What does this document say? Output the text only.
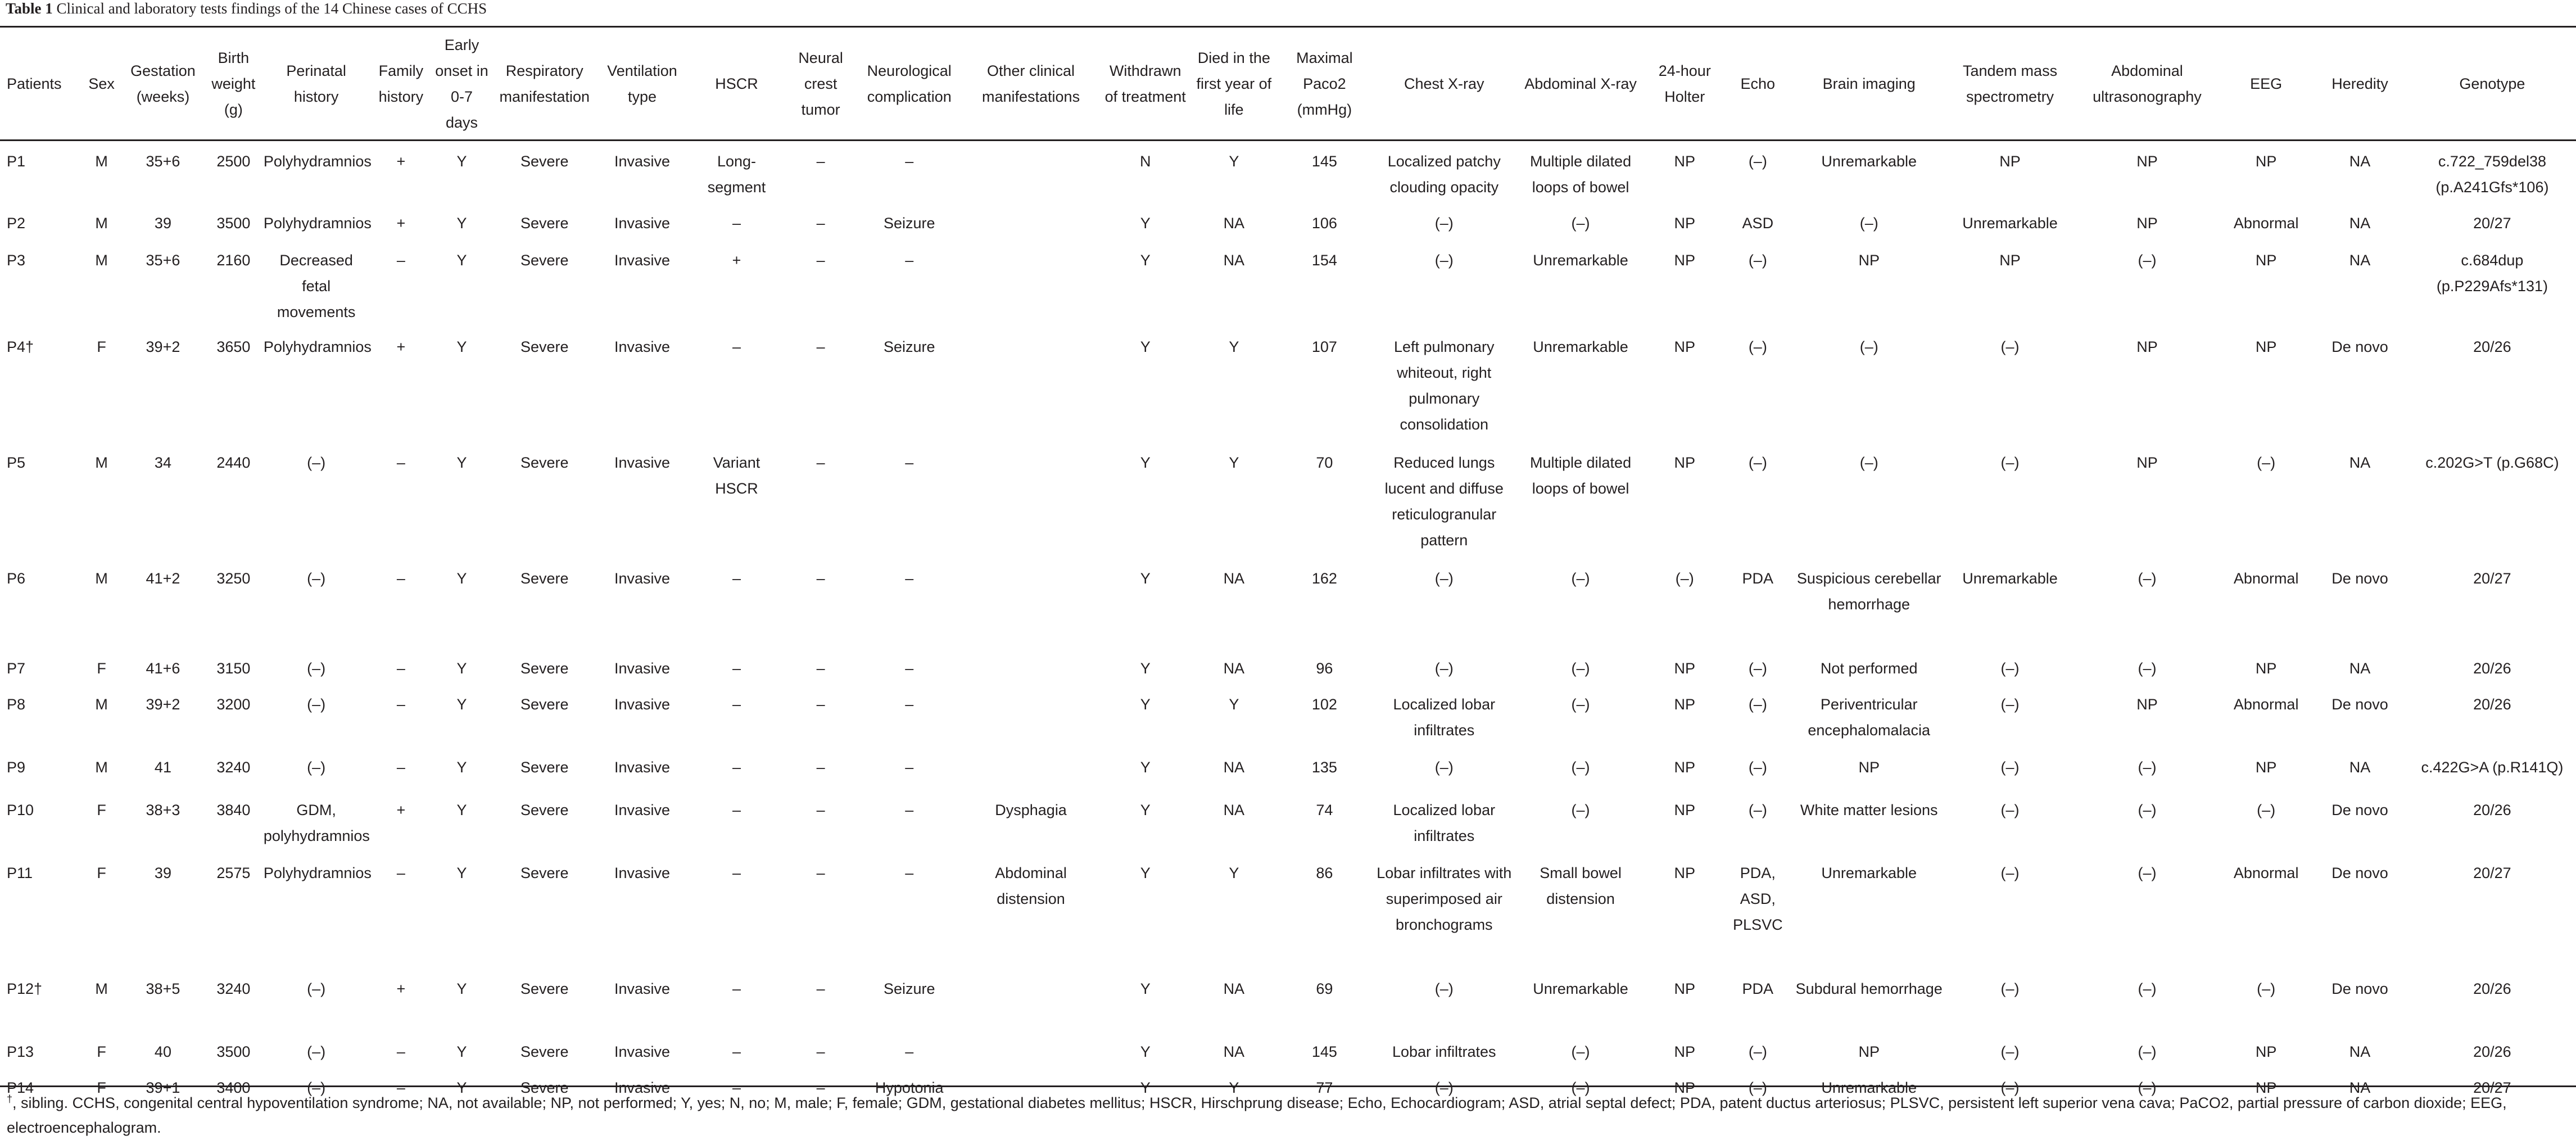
Table 1 Clinical and laboratory tests findings of the 14 Chinese cases of CCHS
Patients	Sex	Gestation (weeks)	Birth weight (g)	Perinatal history	Family history	Early onset in 0-7 days	Respiratory manifestation	Ventilation type	HSCR	Neural crest tumor	Neurological complication	Other clinical manifestations	Withdrawn of treatment	Died in the first year of life	Maximal Paco2 (mmHg)	Chest X-ray	Abdominal X-ray	24-hour Holter	Echo	Brain imaging	Tandem mass spectrometry	Abdominal ultrasonography	EEG	Heredity	Genotype
P1	M	35+6	2500	Polyhydramnios	+	Y	Severe	Invasive	Long-segment	–	–		N	Y	145	Localized patchy clouding opacity	Multiple dilated loops of bowel	NP	(–)	Unremarkable	NP	NP	NP	NA	c.722_759del38 (p.A241Gfs*106)
P2	M	39	3500	Polyhydramnios	+	Y	Severe	Invasive	–	–	Seizure		Y	NA	106	(–)	(–)	NP	ASD	(–)	Unremarkable	NP	Abnormal	NA	20/27
P3	M	35+6	2160	Decreased fetal movements	–	Y	Severe	Invasive	+	–	–		Y	NA	154	(–)	Unremarkable	NP	(–)	NP	NP	(–)	NP	NA	c.684dup (p.P229Afs*131)
P4†	F	39+2	3650	Polyhydramnios	+	Y	Severe	Invasive	–	–	Seizure		Y	Y	107	Left pulmonary whiteout, right pulmonary consolidation	Unremarkable	NP	(–)	(–)	(–)	NP	NP	De novo	20/26
P5	M	34	2440	(–)	–	Y	Severe	Invasive	Variant HSCR	–	–		Y	Y	70	Reduced lungs lucent and diffuse reticulogranular pattern	Multiple dilated loops of bowel	NP	(–)	(–)	(–)	NP	(–)	NA	c.202G>T (p.G68C)
P6	M	41+2	3250	(–)	–	Y	Severe	Invasive	–	–	–		Y	NA	162	(–)	(–)	(–)	PDA	Suspicious cerebellar hemorrhage	Unremarkable	(–)	Abnormal	De novo	20/27
P7	F	41+6	3150	(–)	–	Y	Severe	Invasive	–	–	–		Y	NA	96	(–)	(–)	NP	(–)	Not performed	(–)	(–)	NP	NA	20/26
P8	M	39+2	3200	(–)	–	Y	Severe	Invasive	–	–	–		Y	Y	102	Localized lobar infiltrates	(–)	NP	(–)	Periventricular encephalomalacia	(–)	NP	Abnormal	De novo	20/26
P9	M	41	3240	(–)	–	Y	Severe	Invasive	–	–	–		Y	NA	135	(–)	(–)	NP	(–)	NP	(–)	(–)	NP	NA	c.422G>A (p.R141Q)
P10	F	38+3	3840	GDM, polyhydramnios	+	Y	Severe	Invasive	–	–	–	Dysphagia	Y	NA	74	Localized lobar infiltrates	(–)	NP	(–)	White matter lesions	(–)	(–)	(–)	De novo	20/26
P11	F	39	2575	Polyhydramnios	–	Y	Severe	Invasive	–	–	–	Abdominal distension	Y	Y	86	Lobar infiltrates with superimposed air bronchograms	Small bowel distension	NP	PDA, ASD, PLSVC	Unremarkable	(–)	(–)	Abnormal	De novo	20/27
P12†	M	38+5	3240	(–)	+	Y	Severe	Invasive	–	–	Seizure		Y	NA	69	(–)	Unremarkable	NP	PDA	Subdural hemorrhage	(–)	(–)	(–)	De novo	20/26
P13	F	40	3500	(–)	–	Y	Severe	Invasive	–	–	–		Y	NA	145	Lobar infiltrates	(–)	NP	(–)	NP	(–)	(–)	NP	NA	20/26
P14	F	39+1	3400	(–)	–	Y	Severe	Invasive	–	–	Hypotonia		Y	Y	77	(–)	(–)	NP	(–)	Unremarkable	(–)	(–)	NP	NA	20/27
†, sibling. CCHS, congenital central hypoventilation syndrome; NA, not available; NP, not performed; Y, yes; N, no; M, male; F, female; GDM, gestational diabetes mellitus; HSCR, Hirschprung disease; Echo, Echocardiogram; ASD, atrial septal defect; PDA, patent ductus arteriosus; PLSVC, persistent left superior vena cava; PaCO2, partial pressure of carbon dioxide; EEG, electroencephalogram.
